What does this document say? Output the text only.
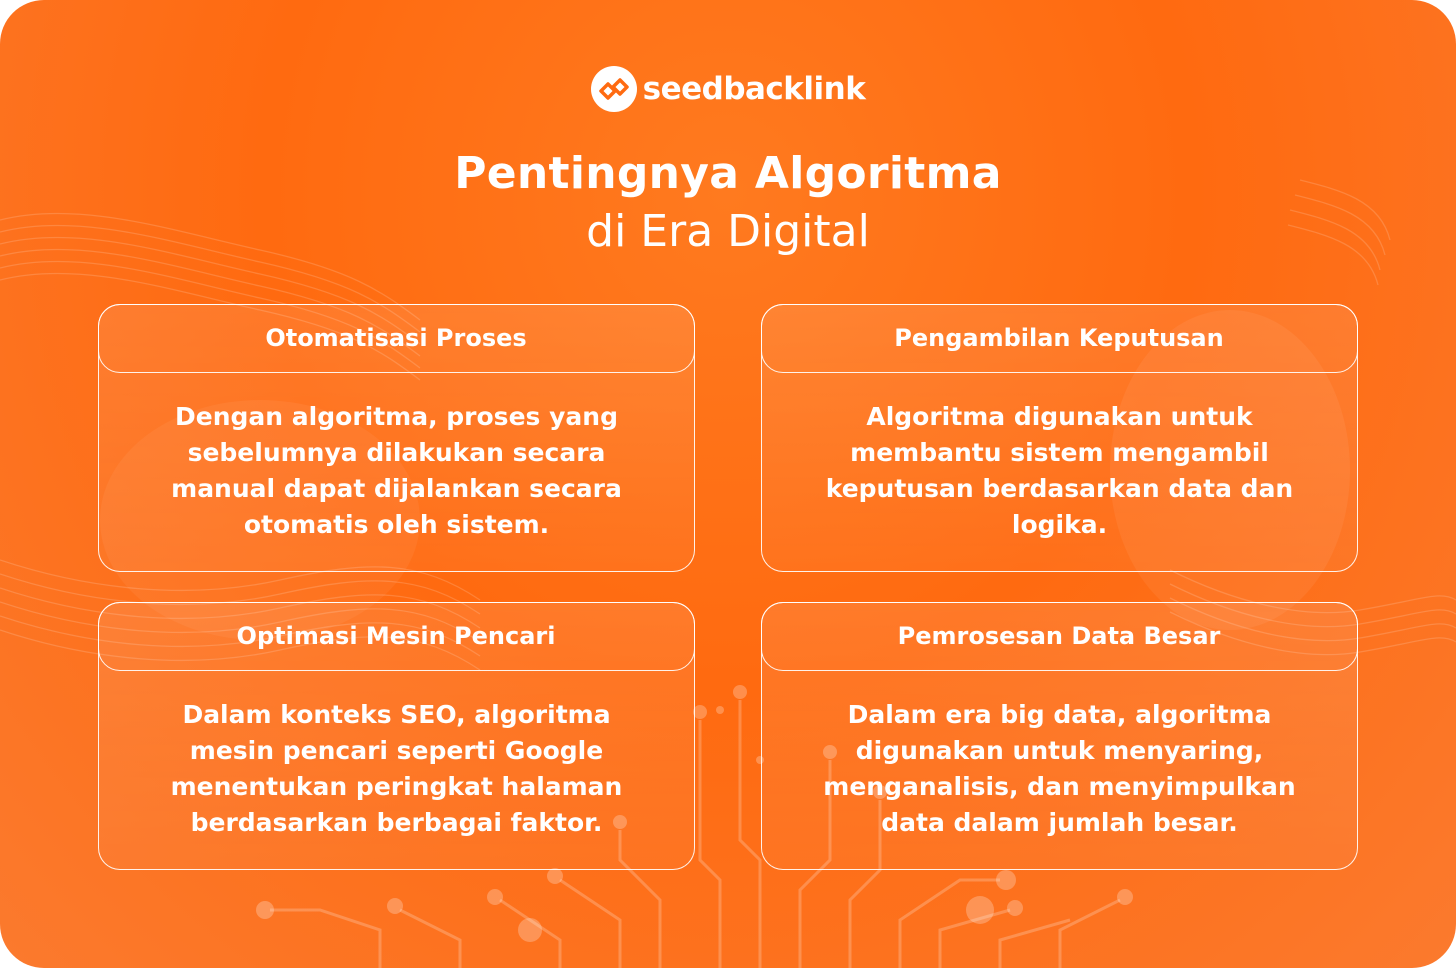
seedbacklink
Pentingnya Algoritma
di Era Digital
Otomatisasi Proses
Dengan algoritma, proses yang sebelumnya dilakukan secara manual dapat dijalankan secara otomatis oleh sistem.
Pengambilan Keputusan
Algoritma digunakan untuk membantu sistem mengambil keputusan berdasarkan data dan logika.
Optimasi Mesin Pencari
Dalam konteks SEO, algoritma mesin pencari seperti Google menentukan peringkat halaman berdasarkan berbagai faktor.
Pemrosesan Data Besar
Dalam era big data, algoritma digunakan untuk menyaring, menganalisis, dan menyimpulkan data dalam jumlah besar.
